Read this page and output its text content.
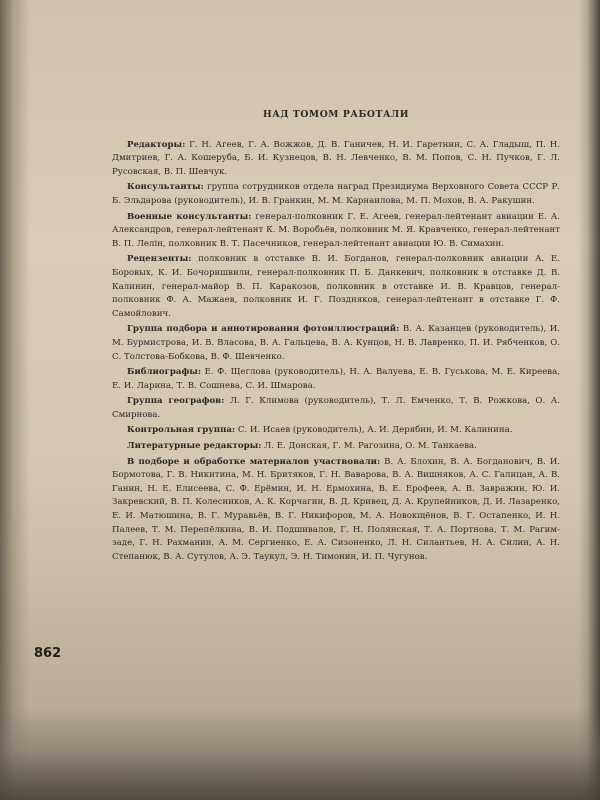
НАД ТОМОМ РАБОТАЛИ

Редакторы: Г. Н. Агеев, Г. А. Вожжов, Д. В. Ганичев, Н. И. Гаретнин, С. А. Гладыш, П. Н. Дмитриев, Г. А. Кошеруба, Б. И. Кузнецов, В. Н. Левченко, В. М. Попов, С. Н. Пучков, Г. Л. Русовская, В. П. Шевчук.

Консультанты: группа сотрудников отдела наград Президиума Верховного Совета СССР Р. Б. Эльдарова (руководитель), И. В. Гранкин, М. М. Карнаилова, М. П. Мохов, В. А. Ракушин.

Военные консультанты: генерал-полковник Г. Е. Агеев, генерал-лейтенант авиации Е. А. Александров, генерал-лейтенант К. М. Воробьёв, полковник М. Я. Кравченко, генерал-лейтенант В. П. Лелін, полковник В. Т. Пасечников, генерал-лейтенант авиации Ю. В. Симахин.

Рецензенты: полковник в отставке В. И. Богданов, генерал-полковник авиации А. Е. Боровых, К. И. Бочоришвили, генерал-полковник П. Б. Данкевич, полковник в отставке Д. В. Калинин, генерал-майор В. П. Каракозов, полковник в отставке И. В. Кравцов, генерал-полковник Ф. А. Мажаев, полковник И. Г. Поздняков, генерал-лейтенант в отставке Г. Ф. Самойлович.

Группа подбора и аннотирования фотоиллюстраций: В. А. Казанцев (руководитель), И. М. Бурмистрова, И. В. Власова, В. А. Гальцева, В. А. Кунцов, Н. В. Лавренко, П. И. Рябченков, О. С. Толстова-Бобкова, В. Ф. Шевченко.

Библиографы: Е. Ф. Щеглова (руководитель), Н. А. Валуева, Е. В. Гуськова, М. Е. Киреева, Е. И. Ларина, Т. В. Сошнева, С. И. Шмарова.

Группа географов: Л. Г. Климова (руководитель), Т. Л. Емченко, Т. В. Рожкова, О. А. Смирнова.

Контрольная группа: С. И. Исаев (руководитель), А. И. Дерябин, И. М. Калинина.

Литературные редакторы: Л. Е. Донская, Г. М. Рагозина, О. М. Танкаева.

В подборе и обработке материалов участвовали: В. А. Блохин, В. А. Богданович, В. И. Бормотова, Г. В. Никитина, М. Н. Бритяков, Г. Н. Ваварова, В. А. Вишняков, А. С. Галицан, А. В. Ганин, Н. Е. Елисеева, С. Ф. Ерёмин, И. Н. Ермохина, В. Е. Ерофеев, А. В. Завражин, Ю. И. Закревский, В. П. Колесников, А. К. Корчагин, В. Д. Кривец, Д. А. Крупейников, Д. И. Лазаренко, Е. И. Матюшина, В. Г. Муравьёв, В. Г. Никифоров, М. А. Новокщёнов, В. Г. Остапенко, И. Н. Палеев, Т. М. Перепёлкина, В. И. Подшивалов, Г. Н. Полянская, Т. А. Портнова, Т. М. Рагим-заде, Г. Н. Рахманин, А. М. Сергиенко, Е. А. Сизоненко, Л. Н. Силантьев, Н. А. Силин, А. Н. Степанюк, В. А. Сутулов, А. Э. Таукул, Э. Н. Тимонин, И. П. Чугунов.

862
